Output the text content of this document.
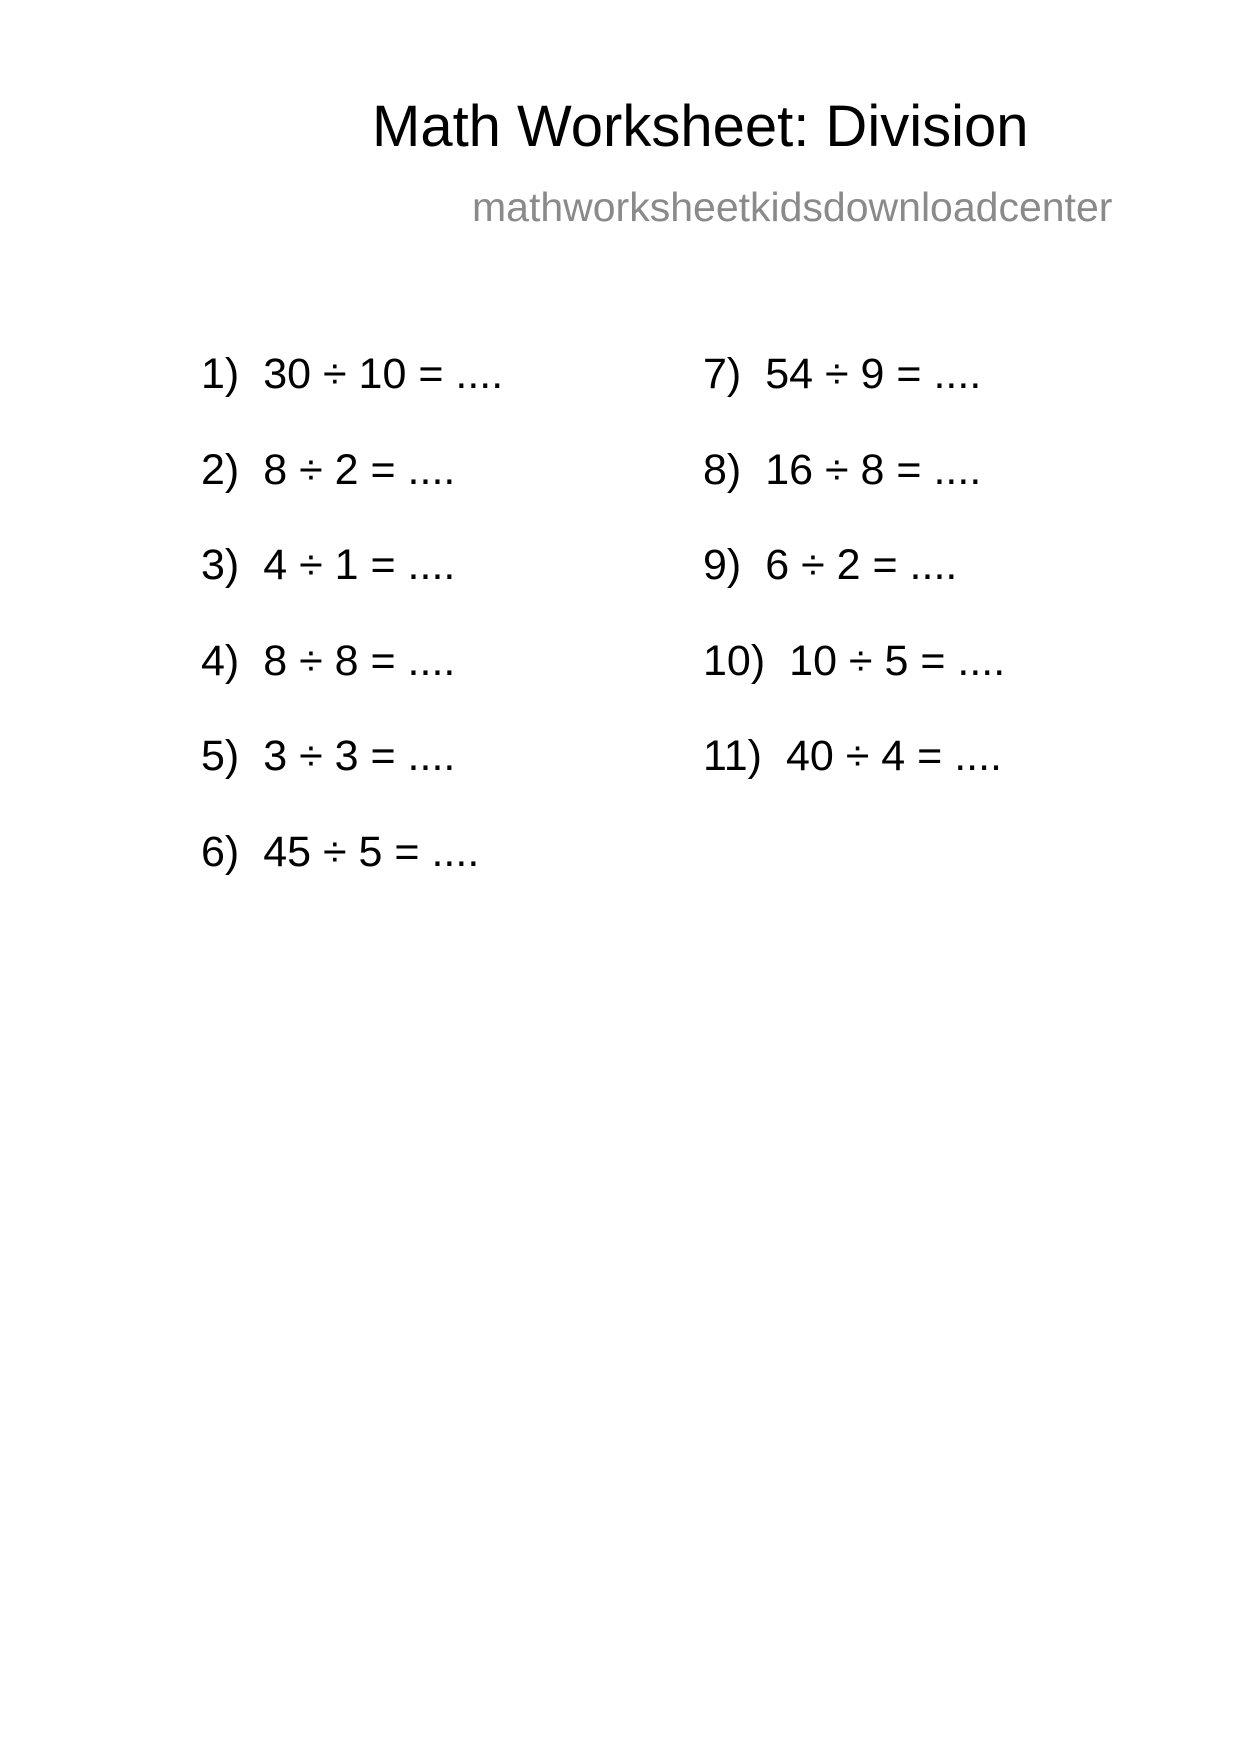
Math Worksheet: Division
mathworksheetkidsdownloadcenter
1) 30 ÷ 10 = ....
2) 8 ÷ 2 = ....
3) 4 ÷ 1 = ....
4) 8 ÷ 8 = ....
5) 3 ÷ 3 = ....
6) 45 ÷ 5 = ....
7) 54 ÷ 9 = ....
8) 16 ÷ 8 = ....
9) 6 ÷ 2 = ....
10) 10 ÷ 5 = ....
11) 40 ÷ 4 = ....
